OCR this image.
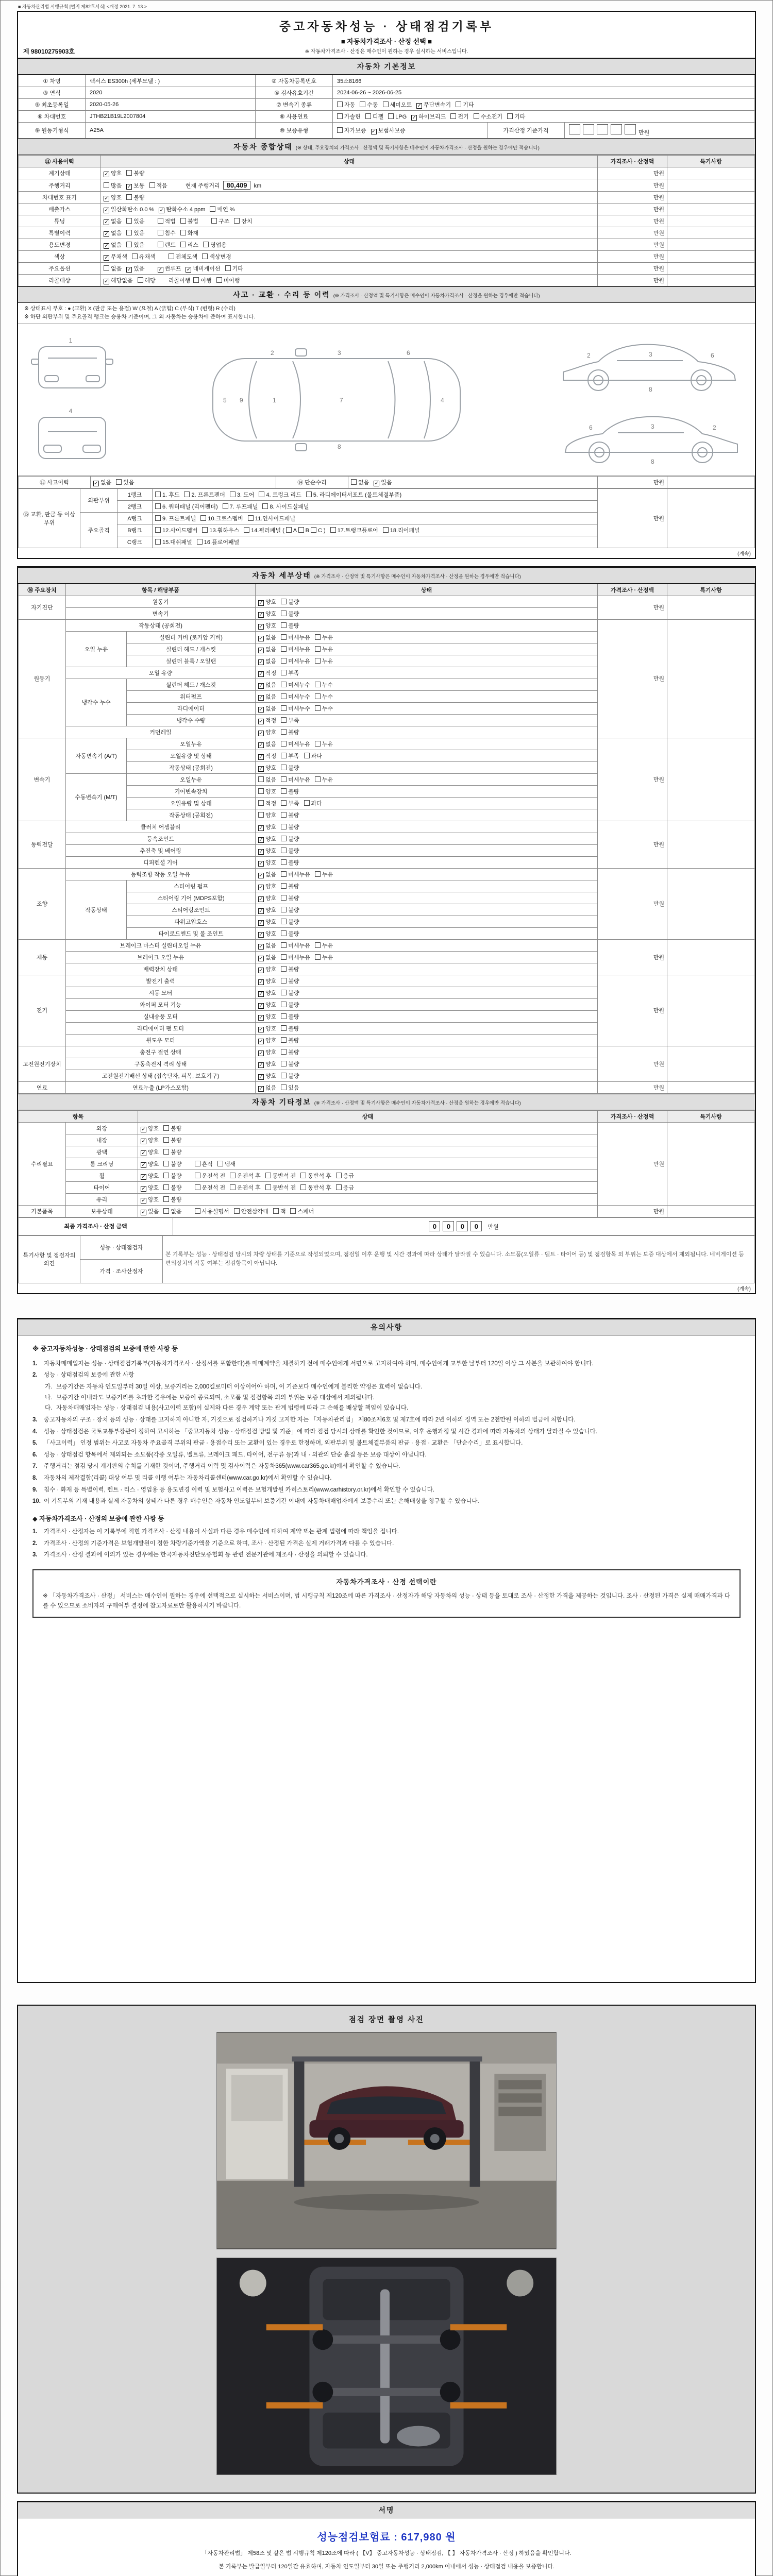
■ 자동차관리법 시행규칙 [별지 제82호서식] <개정 2021. 7. 13.>
중고자동차성능 · 상태점검기록부
■ 자동차가격조사 · 산정 선택 ■
※ 자동차가격조사 · 산정은 매수인이 원하는 경우 실시하는 서비스입니다.
제 98010275903호
자동차 기본정보
① 차명	렉서스 ES300h (세부모델 : )	② 자동차등록번호	35소8166		
③ 연식	2020	④ 검사유효기간	2024-06-26 ~ 2026-06-25		
⑤ 최초등록일	2020-05-26	⑦ 변속기 종류	자동 수동 세미오토 ✓ 무단변속기 기타		
⑥ 차대번호	JTHB21B19L2007804	⑧ 사용연료	가솔린 디젤 LPG ✓ 하이브리드 전기 수소전기 기타		
⑨ 원동기형식	A25A	⑩ 보증유형	자가보증 ✓ 보험사보증	가격산정 기준가격	만원
자동차 종합상태 (※ 상태, 주요장치의 가격조사 · 산정액 및 특기사항은 매수인이 자동차가격조사 · 산정을 원하는 경우에만 적습니다)
⑪ 사용이력	상태	가격조사 · 산정액	특기사항
계기상태	✓ 양호 불량	만원	
주행거리	많음 ✓ 보통 적음 현재 주행거리 80,409 km	만원	
차대번호 표기	✓ 양호 불량	만원	
배출가스	✓ 일산화탄소 0.0 % ✓ 탄화수소 4 ppm 매연 %	만원	
튜닝	✓ 없음 있음 적법 불법 구조 장치	만원	
특별이력	✓ 없음 있음 침수 화재	만원	
용도변경	✓ 없음 있음 렌트 리스 영업용	만원	
색상	✓ 무채색 유채색 전체도색 색상변경	만원	
주요옵션	없음 ✓ 있음 ✓ 썬루프 ✓ 네비게이션 기타	만원	
리콜대상	✓ 해당없음 해당 리콜이행 이행 미이행	만원	
사고 · 교환 · 수리 등 이력 (※ 가격조사 · 산정액 및 특기사항은 매수인이 자동차가격조사 · 산정을 원하는 경우에만 적습니다)
※ 상태표시 부호 : ● (교환) X (판금 또는 용접) W (요철) A (긁힘) C (부식) T (변형) R (수리)
※ 하단 외판부위 및 주요골격 랭크는 승용차 기준이며, 그 외 자동차는 승용차에 준하여 표시합니다.
1
4
5 9	1	7	4
2	3	6
8
2	3	6
8
2
3
6
8
⑬ 사고이력	✓ 없음 있음	⑭ 단순수리	없음 ✓ 있음	만원	
⑮ 교환, 판금 등 이상 부위	외판부위	1랭크	1. 후드 2. 프론트펜더 3. 도어 4. 트렁크 리드 5. 라디에이터서포트 (볼트체결부품)	만원	
		2랭크	6. 쿼터패널 (리어펜더) 7. 루프패널 8. 사이드실패널		
	주요골격	A랭크	9. 프론트패널 10.크로스멤버 11.인사이드패널		
		B랭크	12.사이드멤버 13.휠하우스 14.필러패널 ( A B C ) 17.트렁크플로어 18.리어패널		
		C랭크	15.대쉬패널 16.플로어패널		
(계속)
자동차 세부상태 (※ 가격조사 · 산정액 및 특기사항은 매수인이 자동차가격조사 · 산정을 원하는 경우에만 적습니다)
⑯ 주요장치	항목 / 해당부품		상태	가격조사 · 산정액	특기사항
자기진단	원동기		✓ 양호 불량	만원	
	변속기		✓ 양호 불량		
원동기	작동상태 (공회전)		✓ 양호 불량	만원	
	오일 누유	실린더 커버 (로커암 커버)	✓ 없음 미세누유 누유		
		실린더 헤드 / 개스킷	✓ 없음 미세누유 누유		
		실린더 블록 / 오일팬	✓ 없음 미세누유 누유		
	오일 유량		✓ 적정 부족		
	냉각수 누수	실린더 헤드 / 개스킷	✓ 없음 미세누수 누수		
		워터펌프	✓ 없음 미세누수 누수		
		라디에이터	✓ 없음 미세누수 누수		
		냉각수 수량	✓ 적정 부족		
	커먼레일		✓ 양호 불량		
변속기	자동변속기 (A/T)	오일누유	✓ 없음 미세누유 누유	만원	
		오일유량 및 상태	✓ 적정 부족 과다		
		작동상태 (공회전)	✓ 양호 불량		
	수동변속기 (M/T)	오일누유	없음 미세누유 누유		
		기어변속장치	양호 불량		
		오일유량 및 상태	적정 부족 과다		
		작동상태 (공회전)	양호 불량		
동력전달	클러치 어셈블리		✓ 양호 불량	만원	
	등속조인트		✓ 양호 불량		
	추진축 및 베어링		✓ 양호 불량		
	디퍼렌셜 기어		✓ 양호 불량		
조향	동력조향 작동 오일 누유		✓ 없음 미세누유 누유	만원	
	작동상태	스티어링 펌프	✓ 양호 불량		
		스티어링 기어 (MDPS포함)	✓ 양호 불량		
		스티어링조인트	✓ 양호 불량		
		파워고압호스	✓ 양호 불량		
		타이로드엔드 및 볼 조인트	✓ 양호 불량		
제동	브레이크 마스터 실린더오일 누유		✓ 없음 미세누유 누유	만원	
	브레이크 오일 누유		✓ 없음 미세누유 누유		
	배력장치 상태		✓ 양호 불량		
전기	발전기 출력		✓ 양호 불량	만원	
	시동 모터		✓ 양호 불량		
	와이퍼 모터 기능		✓ 양호 불량		
	실내송풍 모터		✓ 양호 불량		
	라디에이터 팬 모터		✓ 양호 불량		
	윈도우 모터		✓ 양호 불량		
고전원전기장치	충전구 절연 상태		✓ 양호 불량	만원	
	구동축전지 격리 상태		✓ 양호 불량		
	고전원전기배선 상태 (접속단자, 피복, 보호기구)		✓ 양호 불량		
연료	연료누출 (LP가스포함)		✓ 없음 있음	만원	
자동차 기타정보 (※ 가격조사 · 산정액 및 특기사항은 매수인이 자동차가격조사 · 산정을 원하는 경우에만 적습니다)
항목		상태	가격조사 · 산정액	특기사항
수리필요	외장	✓ 양호 불량	만원	
	내장	✓ 양호 불량		
	광택	✓ 양호 불량		
	룸 크리닝	✓ 양호 불량 흔적 냄새		
	휠	✓ 양호 불량 운전석 전 운전석 후 동반석 전 동반석 후 응급		
	타이어	✓ 양호 불량 운전석 전 운전석 후 동반석 전 동반석 후 응급		
	유리	✓ 양호 불량		
기본품목	보유상태	✓ 있음 없음 사용설명서 안전삼각대 잭 스패너	만원	
최종 가격조사 · 산정 금액	0 0 0 0 만원
특기사항 및 점검자의 의견	성능 · 상태점검자	본 기록부는 성능 · 상태점검 당시의 차량 상태를 기준으로 작성되었으며, 점검일 이후 운행 및 시간 경과에 따라 상태가 달라질 수 있습니다. 소모품(오일류 · 벨트 · 타이어 등) 및 점검항목 외 부위는 보증 대상에서 제외됩니다. 네비게이션 등 편의장치의 작동 여부는 점검항목이 아닙니다.
가격 · 조사산정자
(계속)
유의사항
※ 중고자동차성능 · 상태점검의 보증에 관한 사항 등
1.	자동차매매업자는 성능 · 상태점검기록부(자동차가격조사 · 산정서를 포함한다)를 매매계약을 체결하기 전에 매수인에게 서면으로 고지하여야 하며, 매수인에게 교부한 날부터 120일 이상 그 사본을 보관하여야 합니다.
2.	성능 · 상태점검의 보증에 관한 사항
가. 보증기간은 자동차 인도일부터 30일 이상, 보증거리는 2,000킬로미터 이상이어야 하며, 이 기준보다 매수인에게 불리한 약정은 효력이 없습니다.
나. 보증기간 이내라도 보증거리를 초과한 경우에는 보증이 종료되며, 소모품 및 점검항목 외의 부위는 보증 대상에서 제외됩니다.
다. 자동차매매업자는 성능 · 상태점검 내용(사고이력 포함)이 실제와 다른 경우 계약 또는 관계 법령에 따라 그 손해를 배상할 책임이 있습니다.
3.	중고자동차의 구조 · 장치 등의 성능 · 상태를 고지하지 아니한 자, 거짓으로 점검하거나 거짓 고지한 자는 「자동차관리법」 제80조제6호 및 제7호에 따라 2년 이하의 징역 또는 2천만원 이하의 벌금에 처합니다.
4.	성능 · 상태점검은 국토교통부장관이 정하여 고시하는 「중고자동차 성능 · 상태점검 방법 및 기준」에 따라 점검 당시의 상태를 확인한 것이므로, 이후 운행과정 및 시간 경과에 따라 자동차의 상태가 달라질 수 있습니다.
5.	「사고이력」 인정 범위는 사고로 자동차 주요골격 부위의 판금 · 용접수리 또는 교환이 있는 경우로 한정하며, 외판부위 및 볼트체결부품의 판금 · 용접 · 교환은 「단순수리」로 표시합니다.
6.	성능 · 상태점검 항목에서 제외되는 소모품(각종 오일류, 벨트류, 브레이크 패드, 타이어, 전구류 등)과 내 · 외관의 단순 흠집 등은 보증 대상이 아닙니다.
7.	주행거리는 점검 당시 계기판의 수치를 기재한 것이며, 주행거리 이력 및 검사이력은 자동차365(www.car365.go.kr)에서 확인할 수 있습니다.
8.	자동차의 제작결함(리콜) 대상 여부 및 리콜 이행 여부는 자동차리콜센터(www.car.go.kr)에서 확인할 수 있습니다.
9.	침수 · 화재 등 특별이력, 렌트 · 리스 · 영업용 등 용도변경 이력 및 보험사고 이력은 보험개발원 카히스토리(www.carhistory.or.kr)에서 확인할 수 있습니다.
10. 이 기록부의 기재 내용과 실제 자동차의 상태가 다른 경우 매수인은 자동차 인도일부터 보증기간 이내에 자동차매매업자에게 보증수리 또는 손해배상을 청구할 수 있습니다.
◆ 자동차가격조사 · 산정의 보증에 관한 사항 등
1.	가격조사 · 산정자는 이 기록부에 적힌 가격조사 · 산정 내용이 사실과 다른 경우 매수인에 대하여 계약 또는 관계 법령에 따라 책임을 집니다.
2.	가격조사 · 산정의 기준가격은 보험개발원이 정한 차량기준가액을 기준으로 하며, 조사 · 산정된 가격은 실제 거래가격과 다를 수 있습니다.
3.	가격조사 · 산정 결과에 이의가 있는 경우에는 한국자동차진단보증협회 등 관련 전문기관에 재조사 · 산정을 의뢰할 수 있습니다.
자동차가격조사 · 산정 선택이란
※ 「자동차가격조사 · 산정」 서비스는 매수인이 원하는 경우에 선택적으로 실시하는 서비스이며, 법 시행규칙 제120조에 따른 가격조사 · 산정자가 해당 자동차의 성능 · 상태 등을 토대로 조사 · 산정한 가격을 제공하는 것입니다. 조사 · 산정된 가격은 실제 매매가격과 다를 수 있으므로 소비자의 구매여부 결정에 참고자료로만 활용하시기 바랍니다.
점검 장면 촬영 사진
서명
성능점검보험료 : 617,980 원
「자동차관리법」 제58조 및 같은 법 시행규칙 제120조에 따라 ( 【V】 중고자동차성능 · 상태점검, 【 】 자동차가격조사 · 산정 ) 하였음을 확인합니다.
본 기록부는 발급일부터 120일간 유효하며, 자동차 인도일부터 30일 또는 주행거리 2,000km 이내에서 성능 · 상태점검 내용을 보증합니다.
